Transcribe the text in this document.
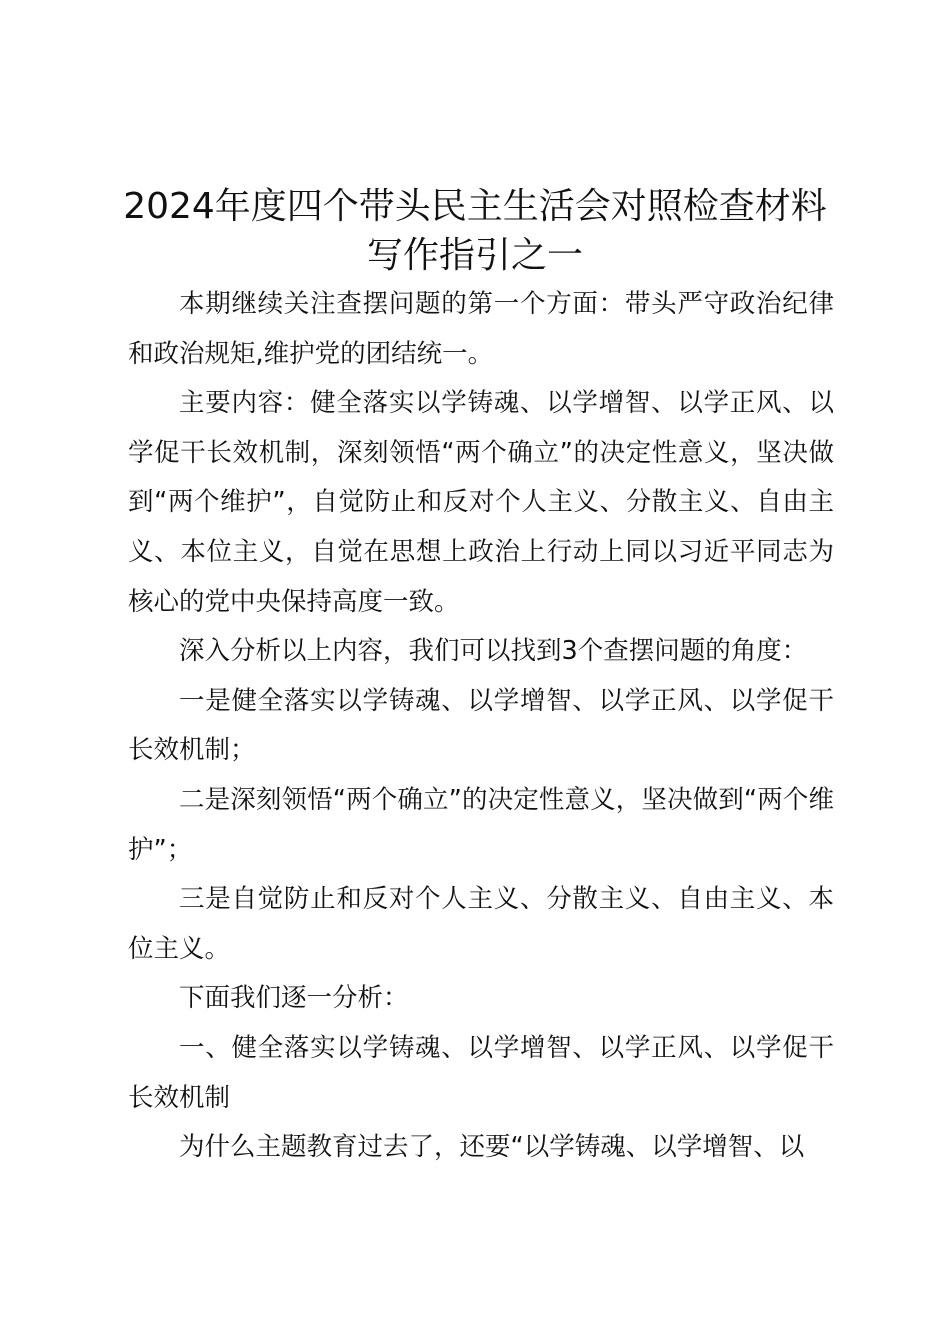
2024年度四个带头民主生活会对照检查材料
写作指引之一

本期继续关注查摆问题的第一个方面：带头严守政治纪律和政治规矩,维护党的团结统一。

主要内容：健全落实以学铸魂、以学增智、以学正风、以学促干长效机制，深刻领悟“两个确立”的决定性意义，坚决做到“两个维护”，自觉防止和反对个人主义、分散主义、自由主义、本位主义，自觉在思想上政治上行动上同以习近平同志为核心的党中央保持高度一致。

深入分析以上内容，我们可以找到3个查摆问题的角度：

一是健全落实以学铸魂、以学增智、以学正风、以学促干长效机制；

二是深刻领悟“两个确立”的决定性意义，坚决做到“两个维护”；

三是自觉防止和反对个人主义、分散主义、自由主义、本位主义。

下面我们逐一分析：

一、健全落实以学铸魂、以学增智、以学正风、以学促干长效机制

为什么主题教育过去了，还要“以学铸魂、以学增智、以
